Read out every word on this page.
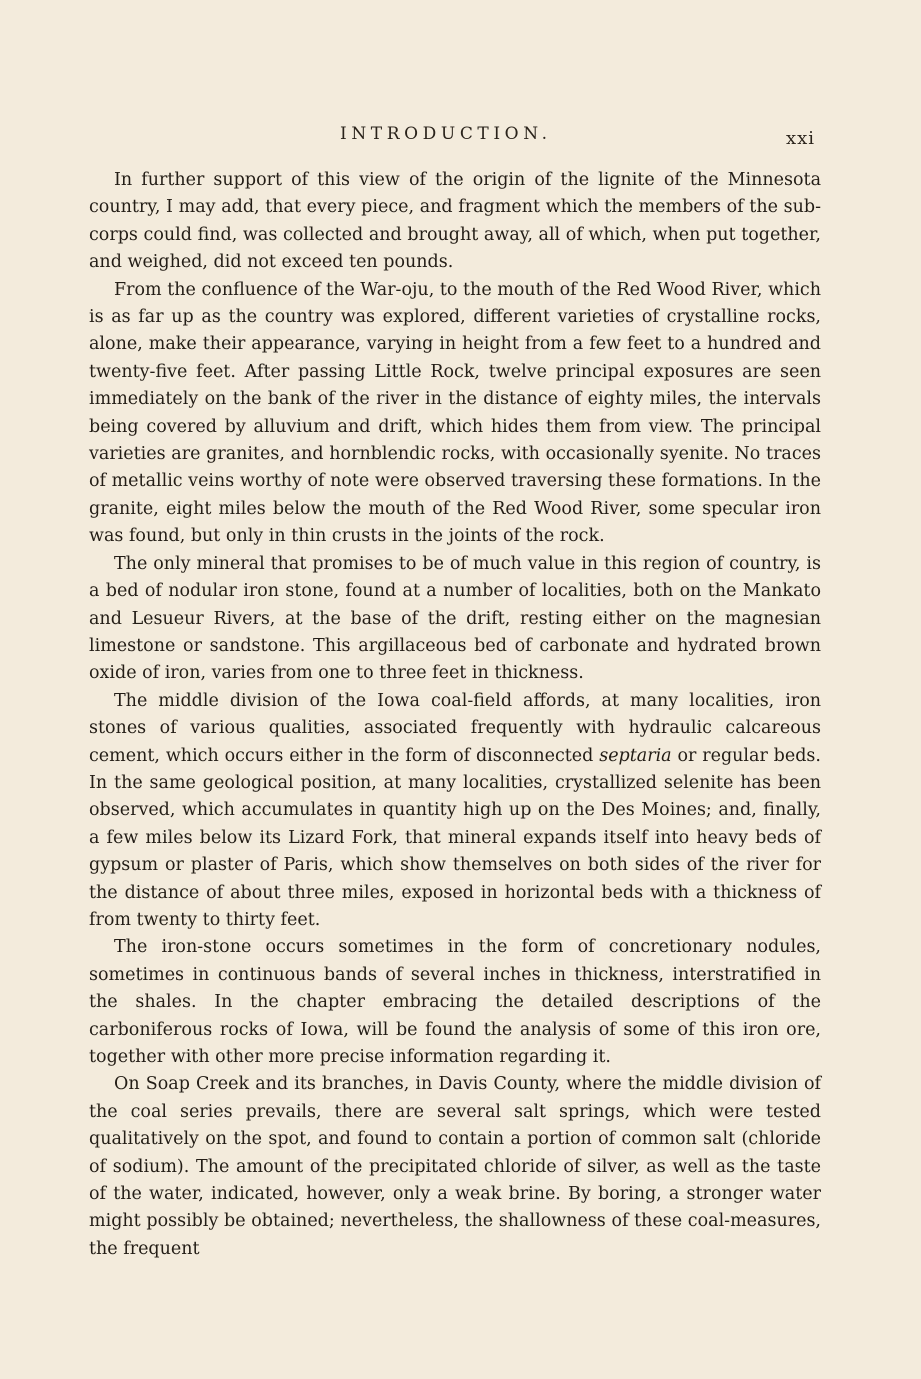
INTRODUCTION.	xxi

In further support of this view of the origin of the lignite of the Minnesota country, I may add, that every piece, and fragment which the members of the sub-corps could find, was collected and brought away, all of which, when put together, and weighed, did not exceed ten pounds.

From the confluence of the War-oju, to the mouth of the Red Wood River, which is as far up as the country was explored, different varieties of crystalline rocks, alone, make their appearance, varying in height from a few feet to a hundred and twenty-five feet. After passing Little Rock, twelve principal exposures are seen immediately on the bank of the river in the distance of eighty miles, the intervals being covered by alluvium and drift, which hides them from view. The principal varieties are granites, and hornblendic rocks, with occasionally syenite. No traces of metallic veins worthy of note were observed traversing these formations. In the granite, eight miles below the mouth of the Red Wood River, some specular iron was found, but only in thin crusts in the joints of the rock.

The only mineral that promises to be of much value in this region of country, is a bed of nodular iron stone, found at a number of localities, both on the Mankato and Lesueur Rivers, at the base of the drift, resting either on the magnesian limestone or sandstone. This argillaceous bed of carbonate and hydrated brown oxide of iron, varies from one to three feet in thickness.

The middle division of the Iowa coal-field affords, at many localities, iron stones of various qualities, associated frequently with hydraulic calcareous cement, which occurs either in the form of disconnected septaria or regular beds. In the same geological position, at many localities, crystallized selenite has been observed, which accumulates in quantity high up on the Des Moines; and, finally, a few miles below its Lizard Fork, that mineral expands itself into heavy beds of gypsum or plaster of Paris, which show themselves on both sides of the river for the distance of about three miles, exposed in horizontal beds with a thickness of from twenty to thirty feet.

The iron-stone occurs sometimes in the form of concretionary nodules, sometimes in continuous bands of several inches in thickness, interstratified in the shales. In the chapter embracing the detailed descriptions of the carboniferous rocks of Iowa, will be found the analysis of some of this iron ore, together with other more precise information regarding it.

On Soap Creek and its branches, in Davis County, where the middle division of the coal series prevails, there are several salt springs, which were tested qualitatively on the spot, and found to contain a portion of common salt (chloride of sodium). The amount of the precipitated chloride of silver, as well as the taste of the water, indicated, however, only a weak brine. By boring, a stronger water might possibly be obtained; nevertheless, the shallowness of these coal-measures, the frequent
